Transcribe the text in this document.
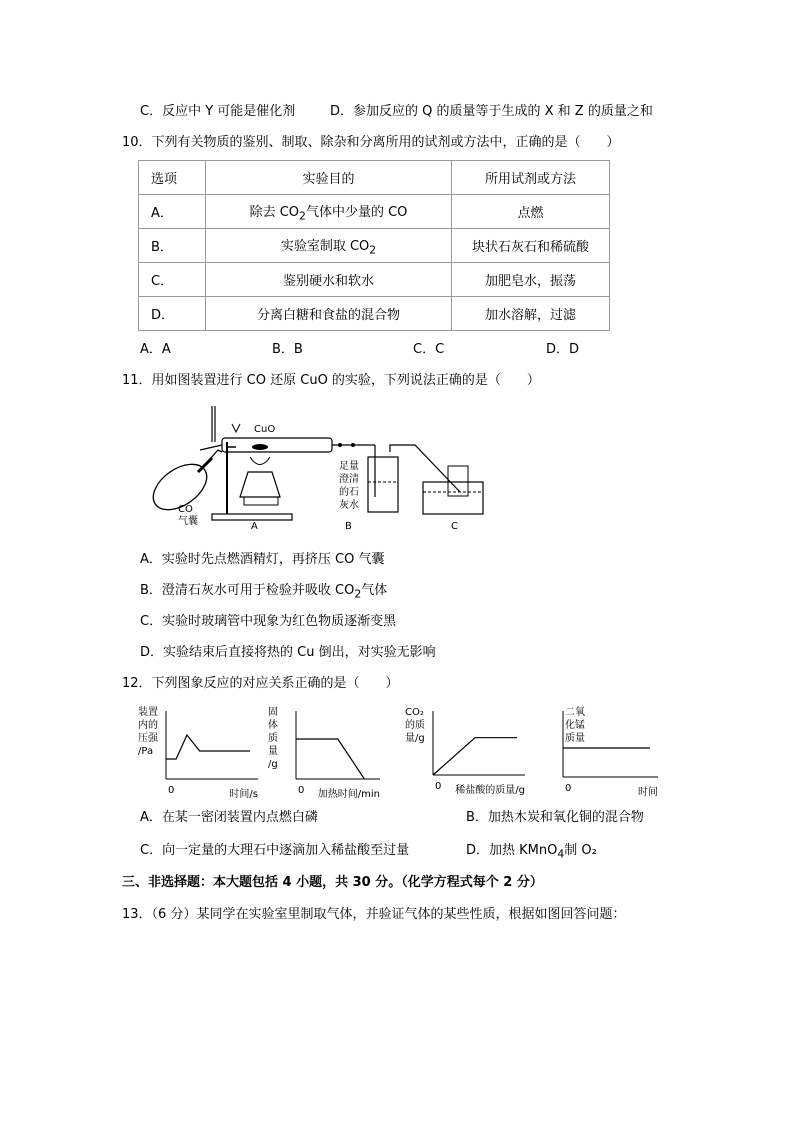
C．反应中 Y 可能是催化剂	D．参加反应的 Q 的质量等于生成的 X 和 Z 的质量之和
10．下列有关物质的鉴别、制取、除杂和分离所用的试剂或方法中，正确的是（　　）
选项	实验目的	所用试剂或方法
A．	除去 $CO_2$气体中少量的 CO	点燃
B．	实验室制取 $CO_2$	块状石灰石和稀硫酸
C．	鉴别硬水和软水	加肥皂水，振荡
D．	分离白糖和食盐的混合物	加水溶解，过滤
A．A	B．B	C．C	D．D
11．用如图装置进行 CO 还原 CuO 的实验，下列说法正确的是（　　）
CO
气囊
CuO
A
足量
澄清
的石
灰水
B	C
A．实验时先点燃酒精灯，再挤压 CO 气囊
B．澄清石灰水可用于检验并吸收 $CO_2$气体
C．实验时玻璃管中现象为红色物质逐渐变黑
D．实验结束后直接将热的 Cu 倒出，对实验无影响
12．下列图象反应的对应关系正确的是（　　）
装置
内的
压强
/Pa
0	时间/s
固
体
质
量
/g
0 加热时间/min
CO₂
的质
量/g
0 稀盐酸的质量/g
二氧
化锰
质量
0	时间
A．在某一密闭装置内点燃白磷	B．加热木炭和氧化铜的混合物
C．向一定量的大理石中逐滴加入稀盐酸至过量	D．加热 KMnO$_4$制 O₂
三、非选择题：本大题包括 4 小题，共 30 分。（化学方程式每个 2 分）
13．（6 分）某同学在实验室里制取气体，并验证气体的某些性质，根据如图回答问题：
